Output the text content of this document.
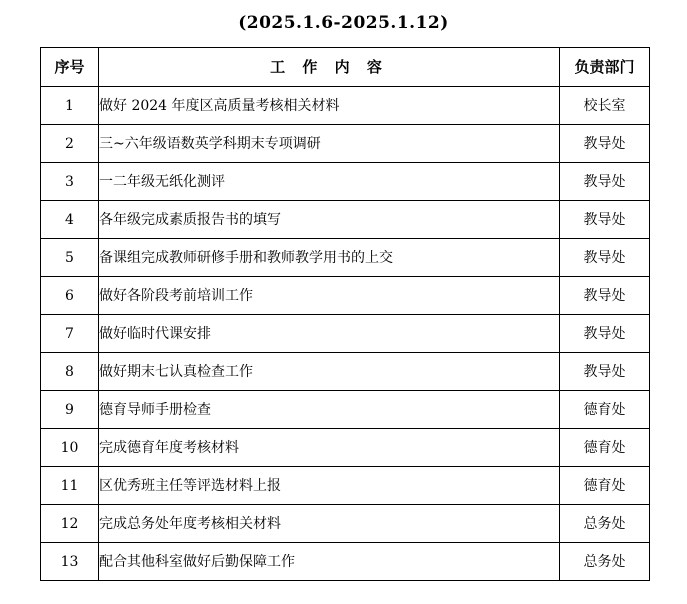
(2025.1.6-2025.1.12)
序号	工 作 内 容	负责部门
1	做好 2024 年度区高质量考核相关材料	校长室
2	三~六年级语数英学科期末专项调研	教导处
3	一二年级无纸化测评	教导处
4	各年级完成素质报告书的填写	教导处
5	备课组完成教师研修手册和教师教学用书的上交	教导处
6	做好各阶段考前培训工作	教导处
7	做好临时代课安排	教导处
8	做好期末七认真检查工作	教导处
9	德育导师手册检查	德育处
10	完成德育年度考核材料	德育处
11	区优秀班主任等评选材料上报	德育处
12	完成总务处年度考核相关材料	总务处
13	配合其他科室做好后勤保障工作	总务处
